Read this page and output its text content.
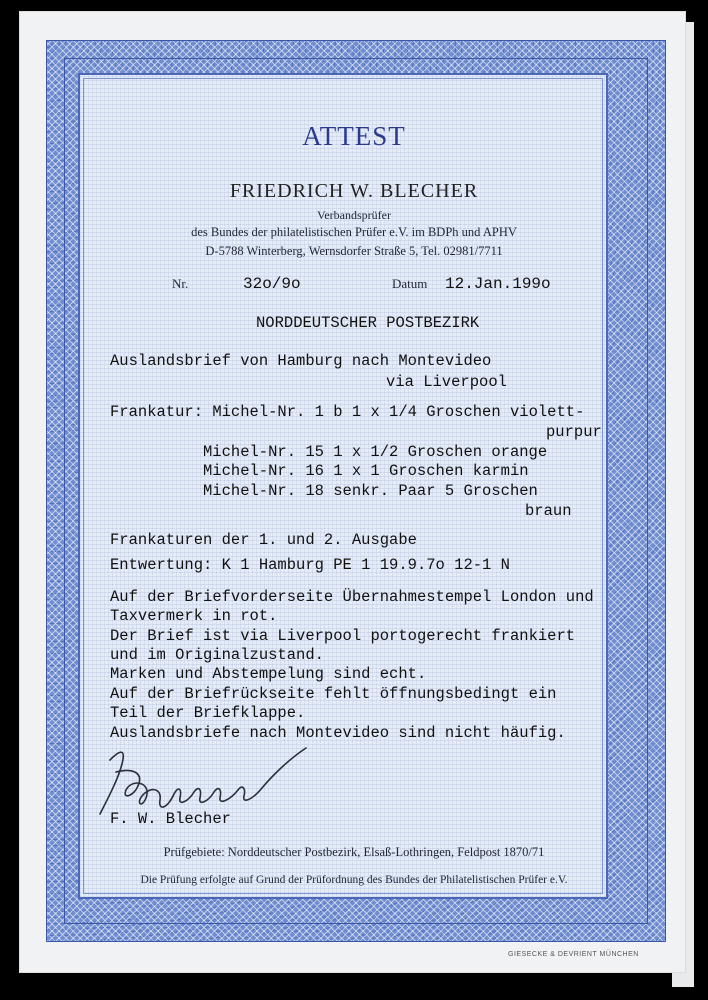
ATTEST
FRIEDRICH W. BLECHER
Verbandsprüfer
des Bundes der philatelistischen Prüfer e.V. im BDPh und APHV
D-5788 Winterberg, Wernsdorfer Straße 5, Tel. 02981/7711
Nr.	32o/9o	Datum 12.Jan.199o
NORDDEUTSCHER POSTBEZIRK
Auslandsbrief von Hamburg nach Montevideo
via Liverpool
Frankatur: Michel-Nr. 1 b 1 x 1/4 Groschen violett-
purpur
Michel-Nr. 15 1 x 1/2 Groschen orange
Michel-Nr. 16 1 x 1 Groschen karmin
Michel-Nr. 18 senkr. Paar 5 Groschen
braun
Frankaturen der 1. und 2. Ausgabe
Entwertung: K 1 Hamburg PE 1 19.9.7o 12-1 N
Auf der Briefvorderseite Übernahmestempel London und
Taxvermerk in rot.
Der Brief ist via Liverpool portogerecht frankiert
und im Originalzustand.
Marken und Abstempelung sind echt.
Auf der Briefrückseite fehlt öffnungsbedingt ein
Teil der Briefklappe.
Auslandsbriefe nach Montevideo sind nicht häufig.
F. W. Blecher
Prüfgebiete: Norddeutscher Postbezirk, Elsaß-Lothringen, Feldpost 1870/71
Die Prüfung erfolgte auf Grund der Prüfordnung des Bundes der Philatelistischen Prüfer e.V.
GIESECKE & DEVRIENT MÜNCHEN
